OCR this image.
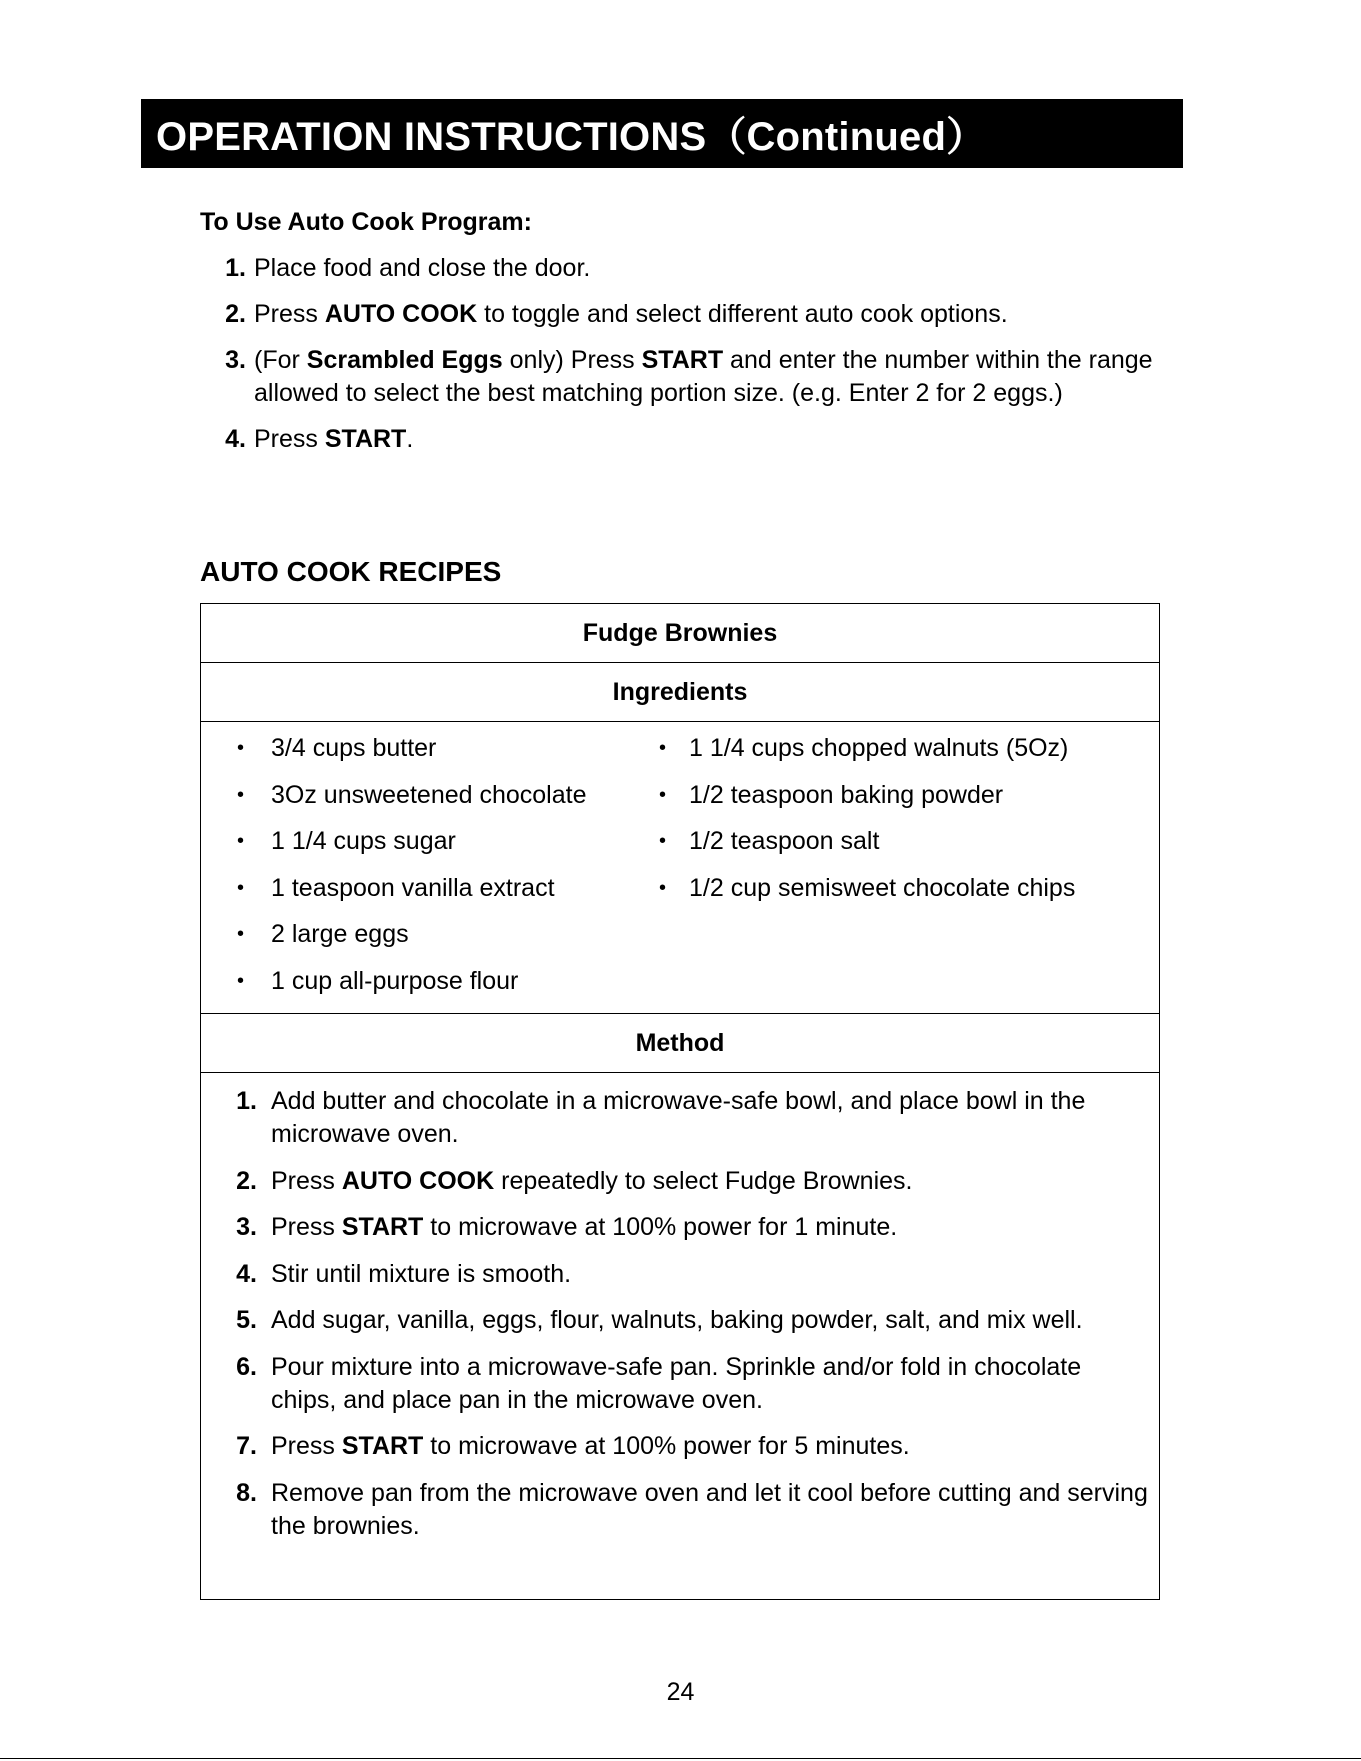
OPERATION INSTRUCTIONS（Continued）
To Use Auto Cook Program:
1 . Place food and close the door.
2 . Press AUTO COOK to toggle and select different auto cook options.
3 . (For Scrambled Eggs only) Press START and enter the number within the range allowed to select the best matching portion size. (e.g. Enter 2 for 2 eggs.)
4 . Press START.
AUTO COOK RECIPES
Fudge Brownies
Ingredients
• 3/4 cups butter
• 3Oz unsweetened chocolate
• 1 1/4 cups sugar
• 1 teaspoon vanilla extract
• 2 large eggs
• 1 cup all-purpose flour
• 1 1/4 cups chopped walnuts (5Oz)
• 1/2 teaspoon baking powder
• 1/2 teaspoon salt
• 1/2 cup semisweet chocolate chips
Method
1 . Add butter and chocolate in a microwave-safe bowl, and place bowl in the microwave oven.
2 . Press AUTO COOK repeatedly to select Fudge Brownies.
3 . Press START to microwave at 100% power for 1 minute.
4 . Stir until mixture is smooth.
5 . Add sugar, vanilla, eggs, flour, walnuts, baking powder, salt, and mix well.
6 . Pour mixture into a microwave-safe pan. Sprinkle and/or fold in chocolate chips, and place pan in the microwave oven.
7 . Press START to microwave at 100% power for 5 minutes.
8 . Remove pan from the microwave oven and let it cool before cutting and serving the brownies.
24
